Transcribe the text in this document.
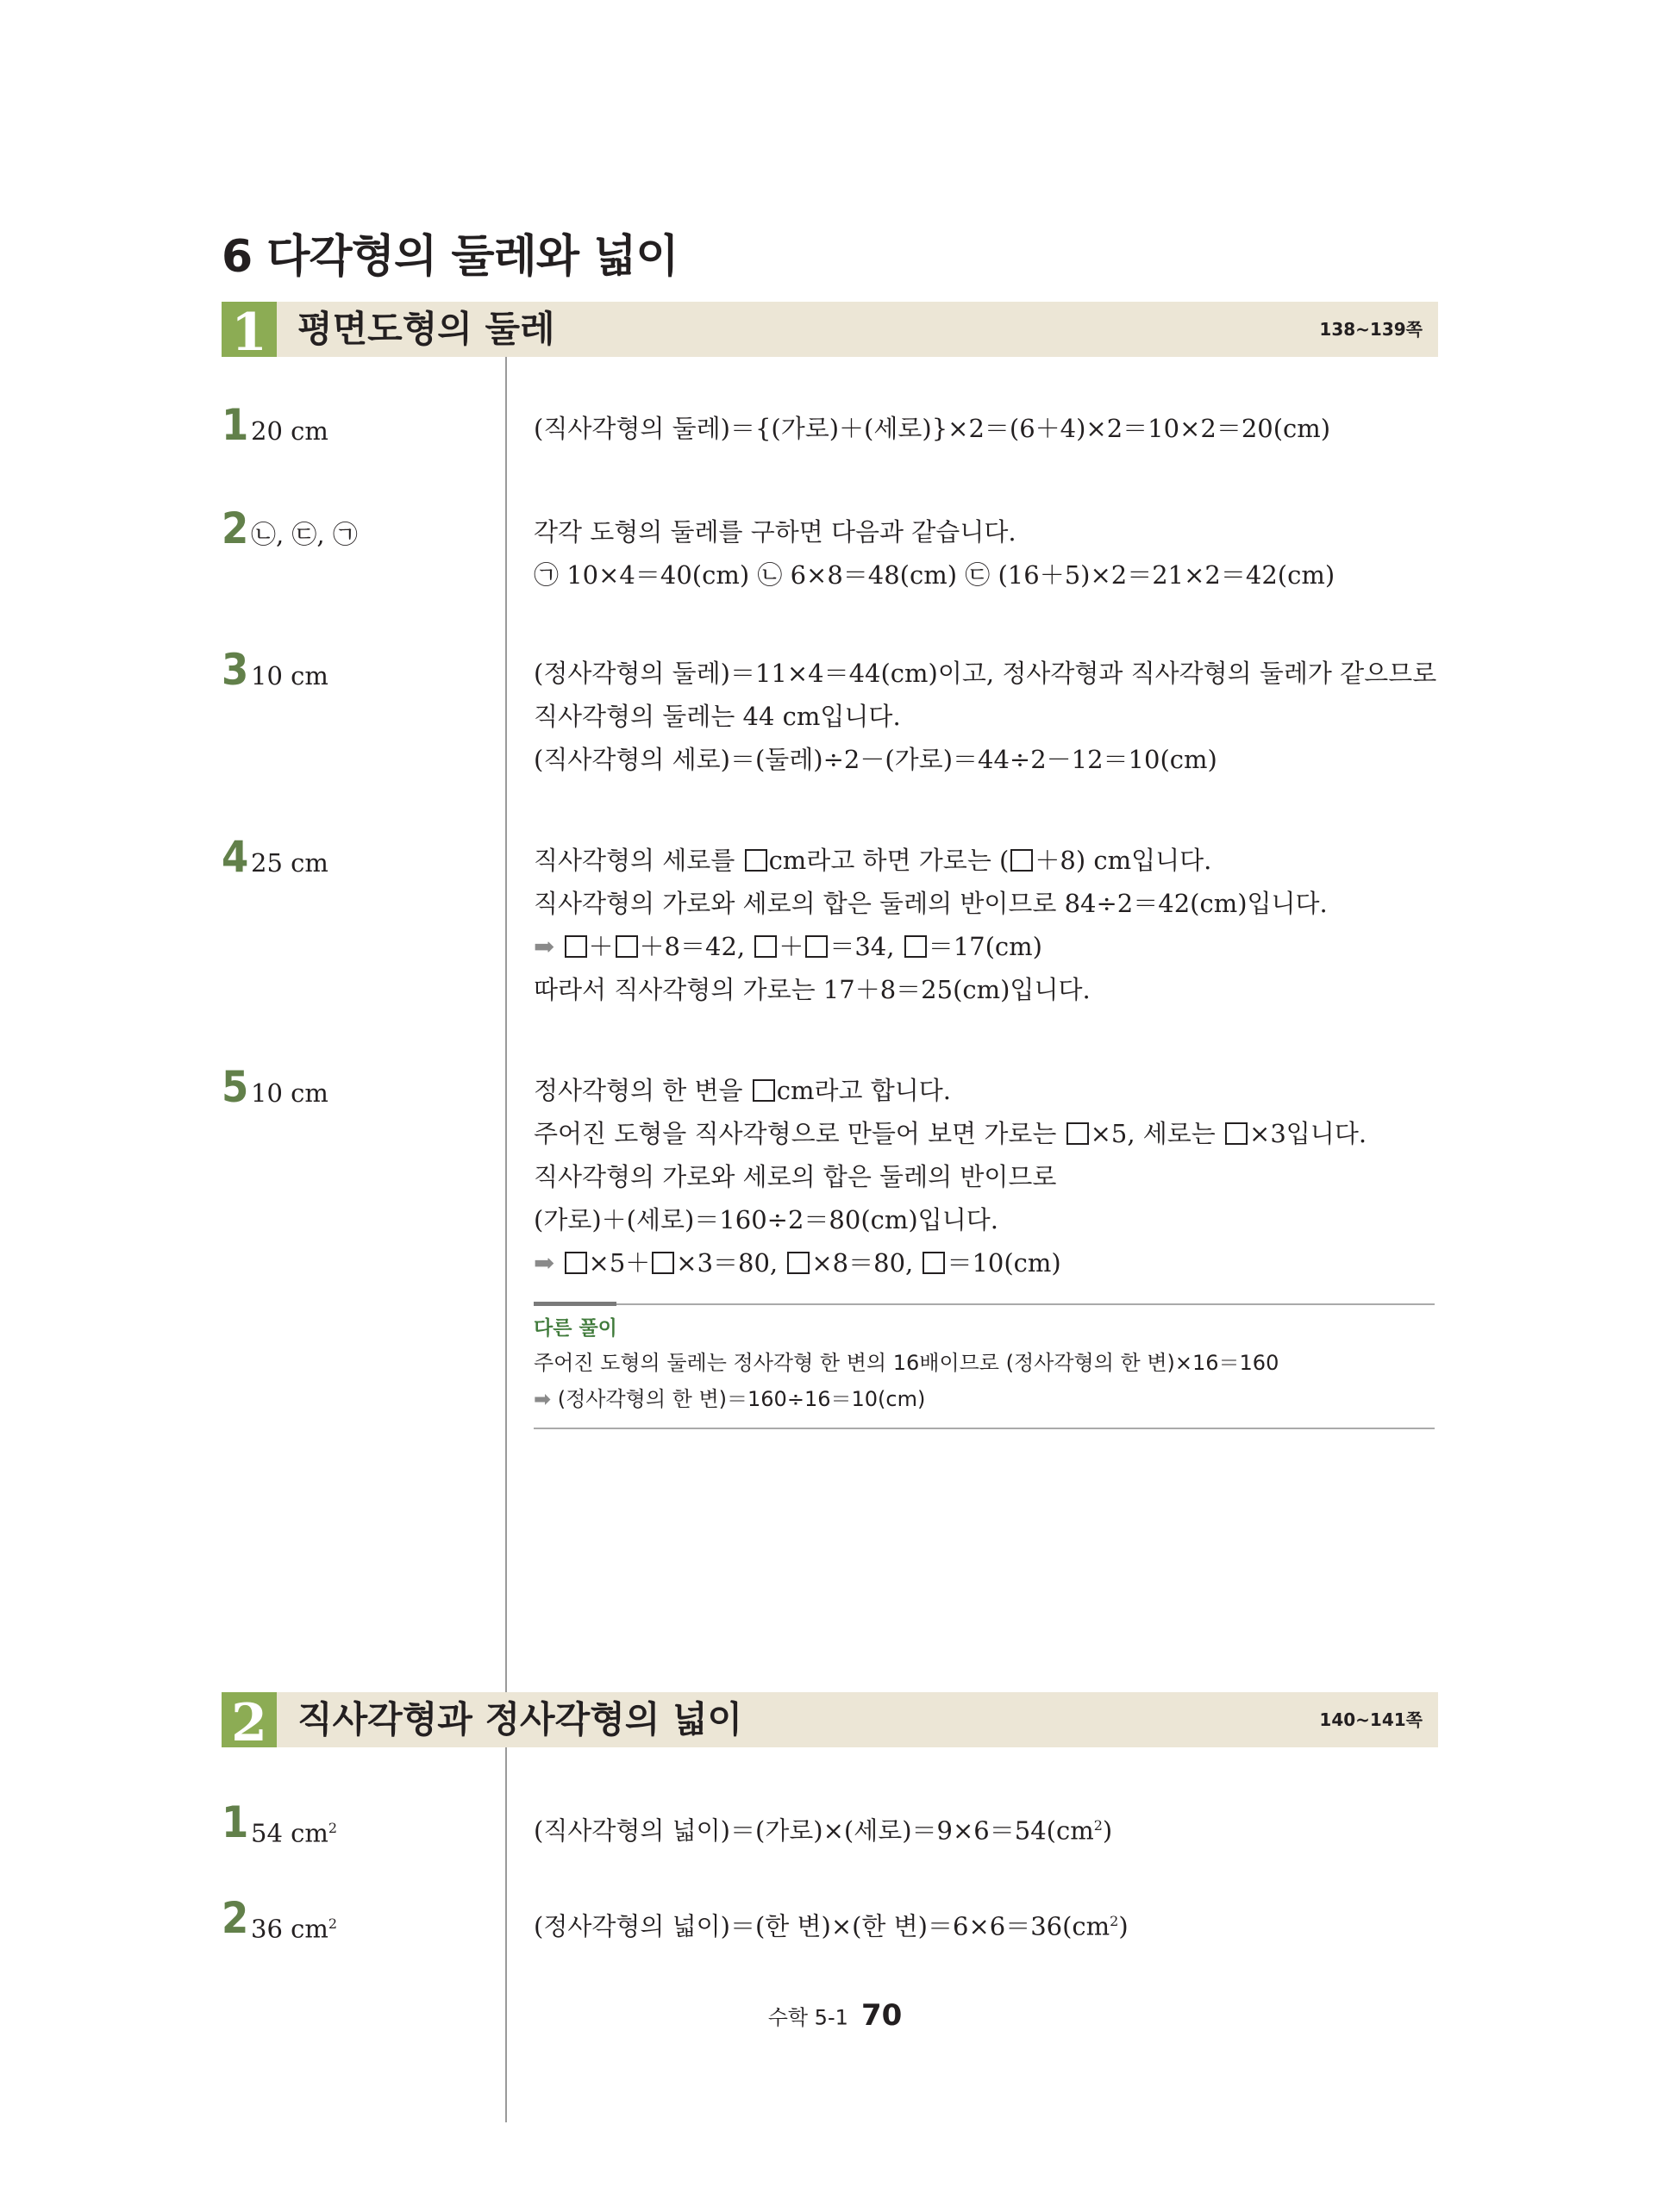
6 다각형의 둘레와 넓이
1 평면도형의 둘레	138~139쪽
1 20 cm	(직사각형의 둘레)＝{(가로)＋(세로)}×2＝(6＋4)×2＝10×2＝20(cm)
2 ㉡, ㉢, ㉠	각각 도형의 둘레를 구하면 다음과 같습니다.
㉠ 10×4＝40(cm) ㉡ 6×8＝48(cm) ㉢ (16＋5)×2＝21×2＝42(cm)
3 10 cm	(정사각형의 둘레)＝11×4＝44(cm)이고, 정사각형과 직사각형의 둘레가 같으므로
직사각형의 둘레는 44 cm입니다.
(직사각형의 세로)＝(둘레)÷2－(가로)＝44÷2－12＝10(cm)
4 25 cm	직사각형의 세로를 cm라고 하면 가로는 ( ＋8) cm입니다.
직사각형의 가로와 세로의 합은 둘레의 반이므로 84÷2＝42(cm)입니다.
➡ ＋ ＋8＝42, ＋ ＝34, ＝17(cm)
따라서 직사각형의 가로는 17＋8＝25(cm)입니다.
5 10 cm	정사각형의 한 변을 cm라고 합니다.
주어진 도형을 직사각형으로 만들어 보면 가로는 ×5, 세로는 ×3입니다.
직사각형의 가로와 세로의 합은 둘레의 반이므로
(가로)＋(세로)＝160÷2＝80(cm)입니다.
➡ ×5＋ ×3＝80, ×8＝80, ＝10(cm)
다른 풀이
주어진 도형의 둘레는 정사각형 한 변의 16배이므로 (정사각형의 한 변)×16＝160
➡ (정사각형의 한 변)＝160÷16＝10(cm)
2 직사각형과 정사각형의 넓이	140~141쪽
1 54 $cm^2$	(직사각형의 넓이)＝(가로)×(세로)$=9\times 6=54(cm^2)$
2 36 $cm^2$	(정사각형의 넓이)＝(한 변)×(한 변)$=6\times 6=36(cm^2)$
수학 5-1 70
